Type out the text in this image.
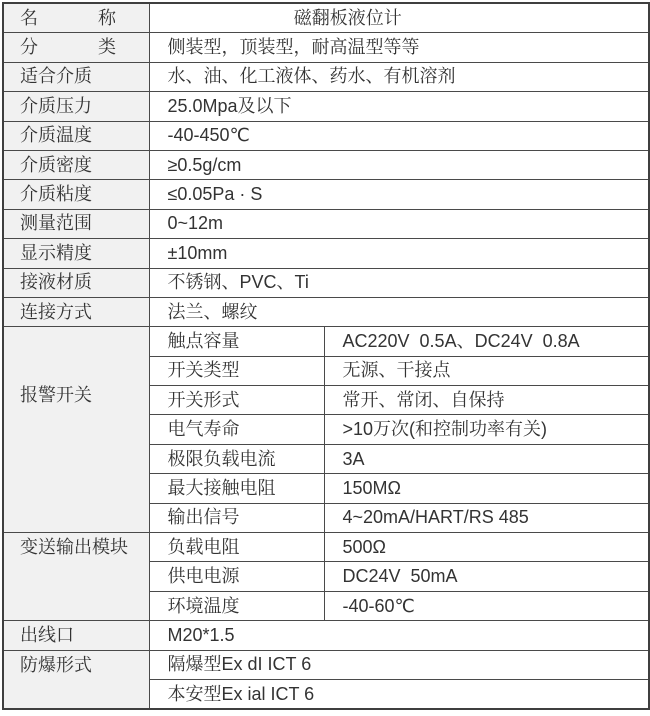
名 称	磁翻板液位计	

分 类	侧装型，顶装型，耐高温型等等	
适合介质	水、油、化工液体、药水、有机溶剂	
介质压力	25.0Mpa及以下	
介质温度	-40-450℃	
介质密度	≥0.5g/cm	
介质粘度	≤0.05Pa · S	
测量范围	0~12m	
显示精度	±10mm	
接液材质	不锈钢、PVC、Ti	
连接方式	法兰、螺纹	
报警开关	触点容量	AC220V  0.5A、DC24V  0.8A
	开关类型	无源、干接点
	开关形式	常开、常闭、自保持
	电气寿命	>10万次(和控制功率有关)
	极限负载电流	3A
	最大接触电阻	150MΩ
	输出信号	4~20mA/HART/RS 485
变送输出模块	负载电阻	500Ω
	供电电源	DC24V  50mA
	环境温度	-40-60℃
出线口	M20*1.5	
防爆形式	隔爆型Ex dI ICT 6	
	本安型Ex ial ICT 6	
